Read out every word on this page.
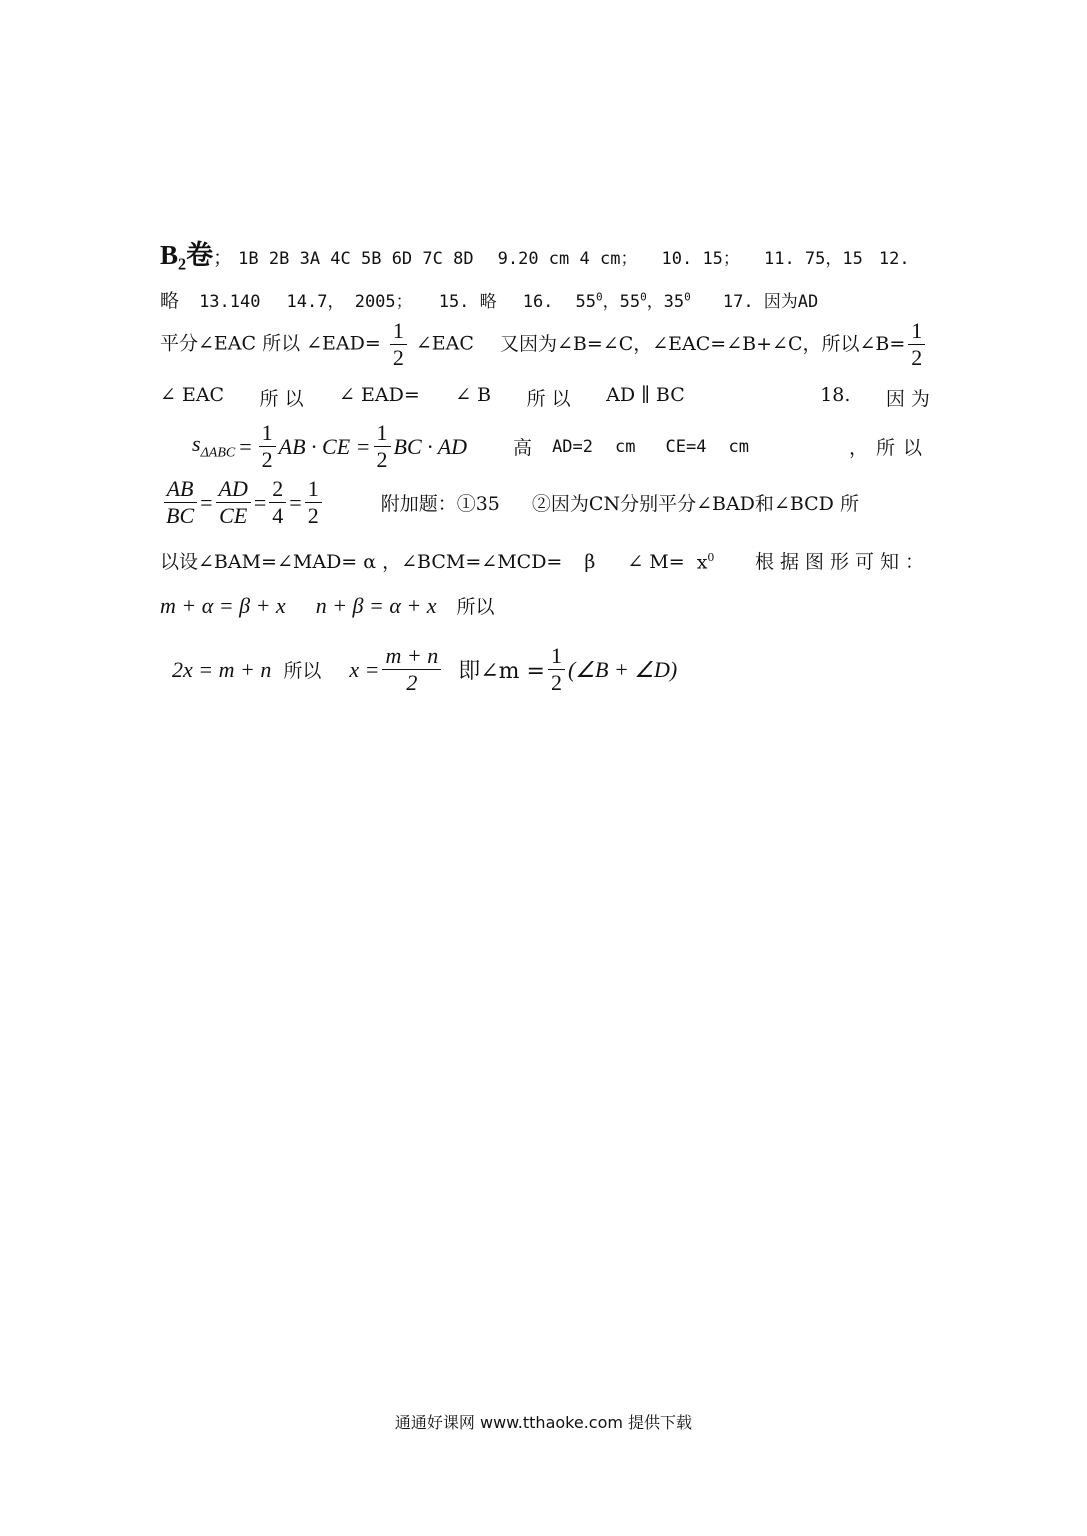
B₂卷； 1B 2B 3A 4C 5B 6D 7C 8D 9.20 cm 4 cm； 10. 15； 11. 75，15 12.
略 13.140 14.7， 2005； 15. 略 16. $55^0$，$55^0$，$35^0$ 17. 因为AD
平分∠EAC 所以 ∠EAD= $\frac{1}{2}$ ∠EAC 又因为∠B=∠C，∠EAC=∠B+∠C，所以∠B= $\frac{1}{2}$
∠ EAC 所 以 ∠ EAD= ∠ B 所 以 AD ∥ BC	18. 因 为
$s_{\Delta ABC} = \frac{1}{2}$ AB · CE = $\frac{1}{2}$ BC · AD 高 AD=2 cm CE=4 cm	，所以
$\frac{AB}{BC} = \frac{AD}{CE} = \frac{2}{4} = \frac{1}{2}$	附加题：①35 ②因为CN分别平分∠BAD和∠BCD 所
以设∠BAM=∠MAD= α ，∠BCM=∠MCD= β ∠ $M= x^0$ 根据图形可知：
m + α = β + x n + β = α + x 所以
2x = m + n 所以 $x = \frac{m + n}{2}$ 即∠m = $\frac{1}{2}$ (∠B + ∠D)
通通好课网 www.tthaoke.com 提供下载
